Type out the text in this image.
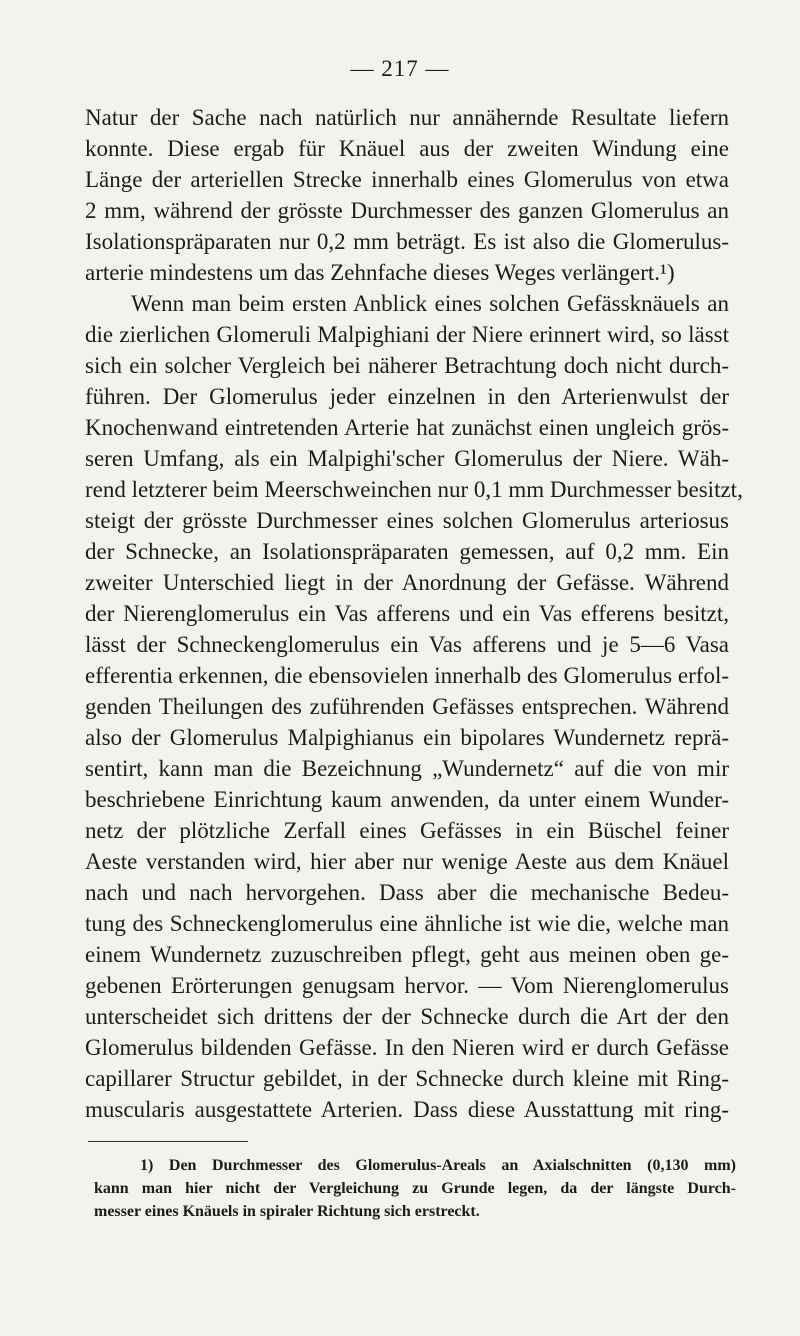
— 217 —
Natur der Sache nach natürlich nur annähernde Resultate liefern
konnte. Diese ergab für Knäuel aus der zweiten Windung eine
Länge der arteriellen Strecke innerhalb eines Glomerulus von etwa
2 mm, während der grösste Durchmesser des ganzen Glomerulus an
Isolationspräparaten nur 0,2 mm beträgt. Es ist also die Glomerulus-
arterie mindestens um das Zehnfache dieses Weges verlängert.¹)
Wenn man beim ersten Anblick eines solchen Gefässknäuels an
die zierlichen Glomeruli Malpighiani der Niere erinnert wird, so lässt
sich ein solcher Vergleich bei näherer Betrachtung doch nicht durch-
führen. Der Glomerulus jeder einzelnen in den Arterienwulst der
Knochenwand eintretenden Arterie hat zunächst einen ungleich grös-
seren Umfang, als ein Malpighi'scher Glomerulus der Niere. Wäh-
rend letzterer beim Meerschweinchen nur 0,1 mm Durchmesser besitzt,
steigt der grösste Durchmesser eines solchen Glomerulus arteriosus
der Schnecke, an Isolationspräparaten gemessen, auf 0,2 mm. Ein
zweiter Unterschied liegt in der Anordnung der Gefässe. Während
der Nierenglomerulus ein Vas afferens und ein Vas efferens besitzt,
lässt der Schneckenglomerulus ein Vas afferens und je 5—6 Vasa
efferentia erkennen, die ebensovielen innerhalb des Glomerulus erfol-
genden Theilungen des zuführenden Gefässes entsprechen. Während
also der Glomerulus Malpighianus ein bipolares Wundernetz reprä-
sentirt, kann man die Bezeichnung „Wundernetz“ auf die von mir
beschriebene Einrichtung kaum anwenden, da unter einem Wunder-
netz der plötzliche Zerfall eines Gefässes in ein Büschel feiner
Aeste verstanden wird, hier aber nur wenige Aeste aus dem Knäuel
nach und nach hervorgehen. Dass aber die mechanische Bedeu-
tung des Schneckenglomerulus eine ähnliche ist wie die, welche man
einem Wundernetz zuzuschreiben pflegt, geht aus meinen oben ge-
gebenen Erörterungen genugsam hervor. — Vom Nierenglomerulus
unterscheidet sich drittens der der Schnecke durch die Art der den
Glomerulus bildenden Gefässe. In den Nieren wird er durch Gefässe
capillarer Structur gebildet, in der Schnecke durch kleine mit Ring-
muscularis ausgestattete Arterien. Dass diese Ausstattung mit ring-
1) Den Durchmesser des Glomerulus-Areals an Axialschnitten (0,130 mm)
kann man hier nicht der Vergleichung zu Grunde legen, da der längste Durch-
messer eines Knäuels in spiraler Richtung sich erstreckt.
